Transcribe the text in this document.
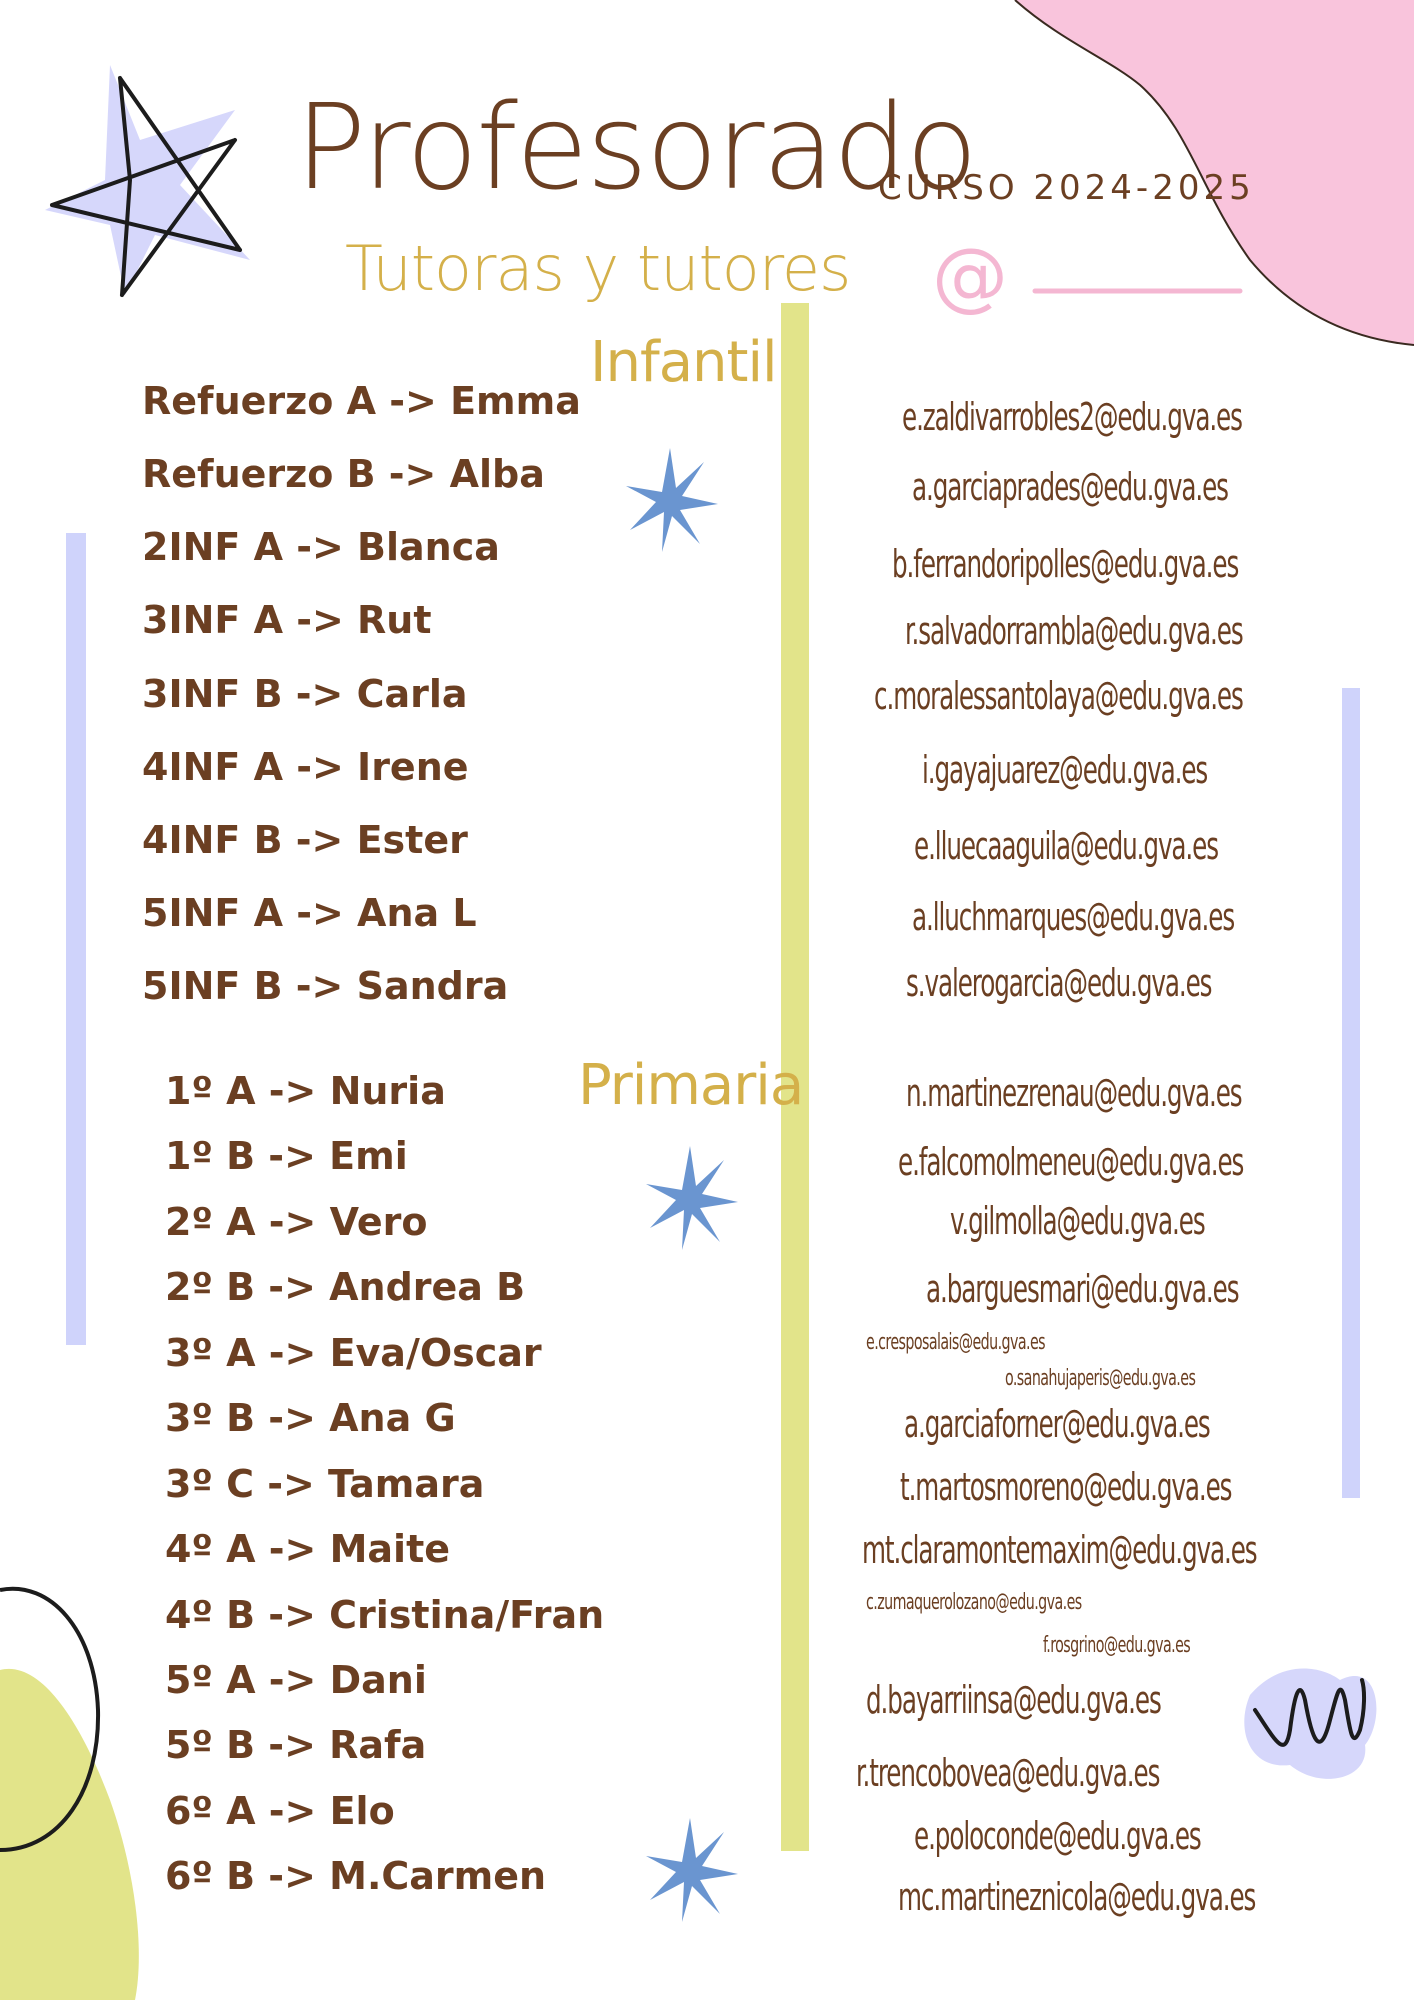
Profesorado
CURSO 2024-2025
Tutoras y tutores @
Infantil
Primaria
Refuerzo A -> Emma
Refuerzo B -> Alba
2INF A -> Blanca
3INF A -> Rut
3INF B -> Carla
4INF A -> Irene
4INF B -> Ester
5INF A -> Ana L
5INF B -> Sandra
1º A -> Nuria
1º B -> Emi
2º A -> Vero
2º B -> Andrea B
3º A -> Eva/Oscar
3º B -> Ana G
3º C -> Tamara
4º A -> Maite
4º B -> Cristina/Fran
5º A -> Dani
5º B -> Rafa
6º A -> Elo
6º B -> M.Carmen
e.zaldivarrobles2@edu.gva.es
a.garciaprades@edu.gva.es
b.ferrandoripolles@edu.gva.es
r.salvadorrambla@edu.gva.es
c.moralessantolaya@edu.gva.es
i.gayajuarez@edu.gva.es
e.lluecaaguila@edu.gva.es
a.lluchmarques@edu.gva.es
s.valerogarcia@edu.gva.es
n.martinezrenau@edu.gva.es
e.falcomolmeneu@edu.gva.es
v.gilmolla@edu.gva.es
a.barguesmari@edu.gva.es
e.cresposalais@edu.gva.es
o.sanahujaperis@edu.gva.es
a.garciaforner@edu.gva.es
t.martosmoreno@edu.gva.es
mt.claramontemaxim@edu.gva.es
c.zumaquerolozano@edu.gva.es
f.rosgrino@edu.gva.es
d.bayarriinsa@edu.gva.es
r.trencobovea@edu.gva.es
e.poloconde@edu.gva.es
mc.martineznicola@edu.gva.es
